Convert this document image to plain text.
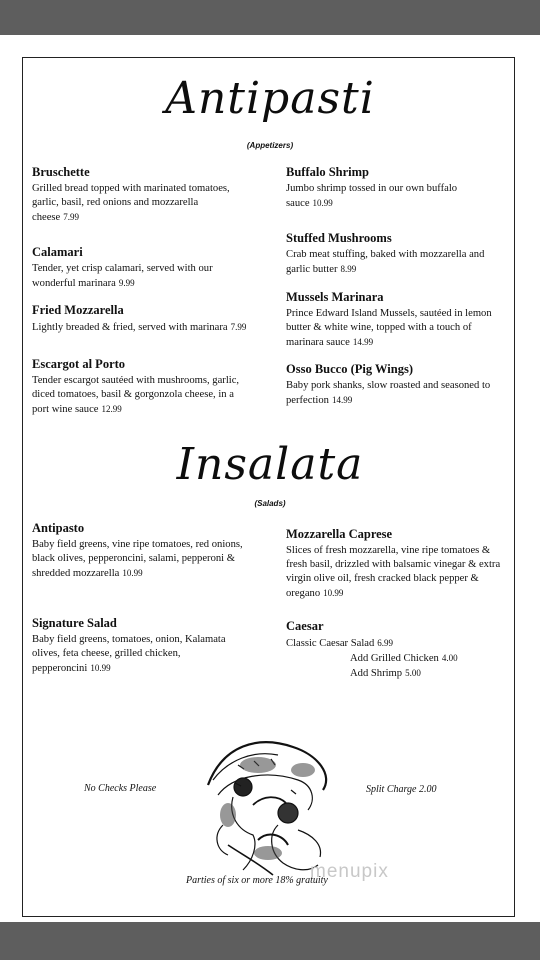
Antipasti
(Appetizers)
Bruschette
Grilled bread topped with marinated tomatoes, garlic, basil, red onions and mozzarella cheese 7.99
Calamari
Tender, yet crisp calamari, served with our wonderful marinara 9.99
Fried Mozzarella
Lightly breaded & fried, served with marinara 7.99
Escargot al Porto
Tender escargot sautéed with mushrooms, garlic, diced tomatoes, basil & gorgonzola cheese, in a port wine sauce 12.99
Buffalo Shrimp
Jumbo shrimp tossed in our own buffalo sauce 10.99
Stuffed Mushrooms
Crab meat stuffing, baked with mozzarella and garlic butter 8.99
Mussels Marinara
Prince Edward Island Mussels, sautéed in lemon butter & white wine, topped with a touch of marinara sauce 14.99
Osso Bucco (Pig Wings)
Baby pork shanks, slow roasted and seasoned to perfection 14.99
Insalata
(Salads)
Antipasto
Baby field greens, vine ripe tomatoes, red onions, black olives, pepperoncini, salami, pepperoni & shredded mozzarella 10.99
Signature Salad
Baby field greens, tomatoes, onion, Kalamata olives, feta cheese, grilled chicken, pepperoncini 10.99
Mozzarella Caprese
Slices of fresh mozzarella, vine ripe tomatoes & fresh basil, drizzled with balsamic vinegar & extra virgin olive oil, fresh cracked black pepper & oregano 10.99
Caesar
Classic Caesar Salad 6.99
Add Grilled Chicken 4.00
Add Shrimp 5.00
No Checks Please	Split Charge 2.00
menupix
Parties of six or more 18% gratuity
